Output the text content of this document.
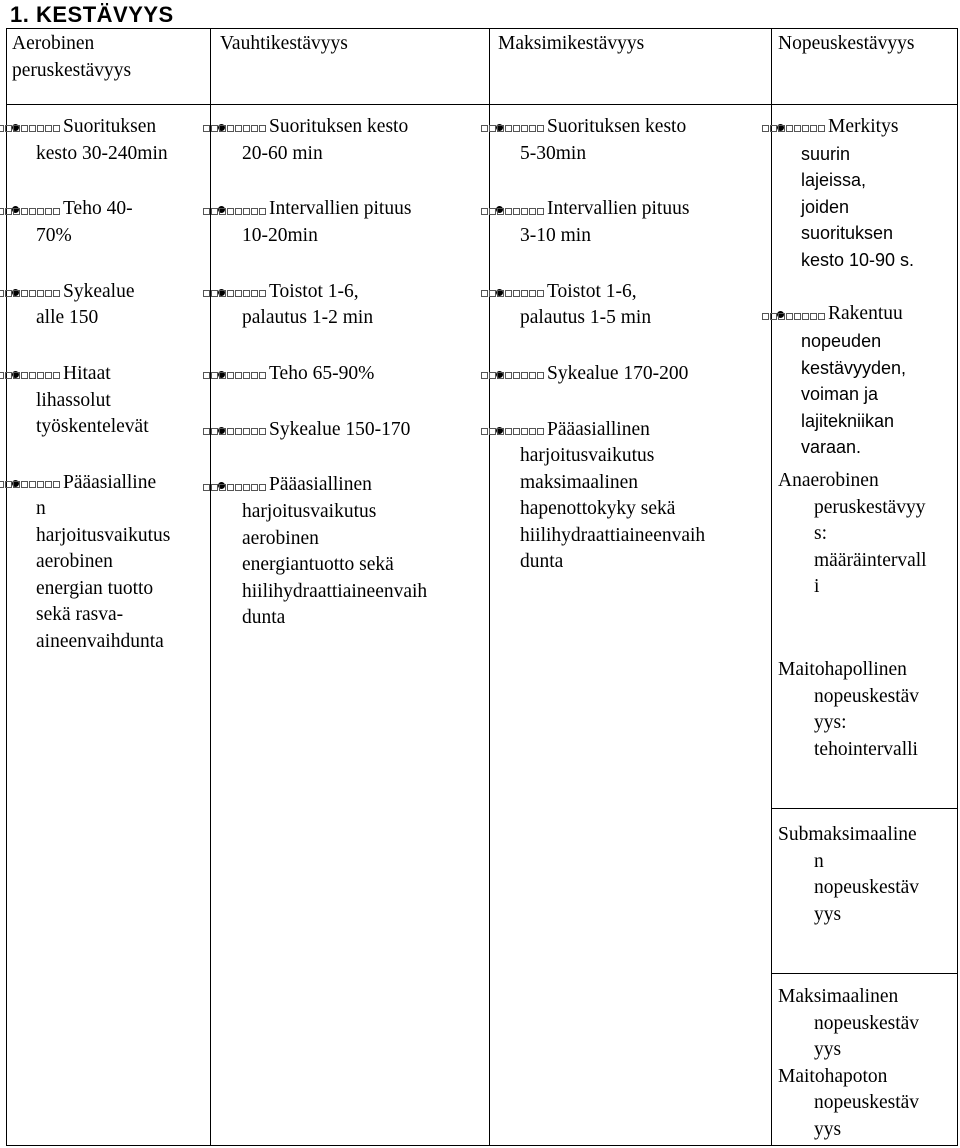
1. KESTÄVYYS
Aerobinen peruskestävyys
Vauhtikestävyys	Maksimikestävyys	Nopeuskestävyys
Suorituksen
kesto 30-240min
Teho 40-
70%
Sykealue
alle 150
Hitaat
lihassolut
työskentelevät
Pääasialline
n
harjoitusvaikutus
aerobinen
energian tuotto
sekä rasva-
aineenvaihdunta
Suorituksen kesto
20-60 min
Intervallien pituus
10-20min
Toistot 1-6,
palautus 1-2 min
Teho 65-90%
Sykealue 150-170
Pääasiallinen
harjoitusvaikutus
aerobinen
energiantuotto sekä
hiilihydraattiaineenvaih
dunta
Suorituksen kesto
5-30min
Intervallien pituus
3-10 min
Toistot 1-6,
palautus 1-5 min
Sykealue 170-200
Pääasiallinen
harjoitusvaikutus
maksimaalinen
hapenottokyky sekä
hiilihydraattiaineenvaih
dunta
Merkitys
suurin
lajeissa,
joiden
suorituksen
kesto 10-90 s.
Rakentuu
nopeuden
kestävyyden,
voiman ja
lajitekniikan
varaan.
Anaerobinen
peruskestävyy
s:
määräintervall
i
Maitohapollinen
nopeuskestäv
yys:
tehointervalli
Submaksimaaline
n
nopeuskestäv
yys
Maksimaalinen
nopeuskestäv
yys
Maitohapoton
nopeuskestäv
yys
